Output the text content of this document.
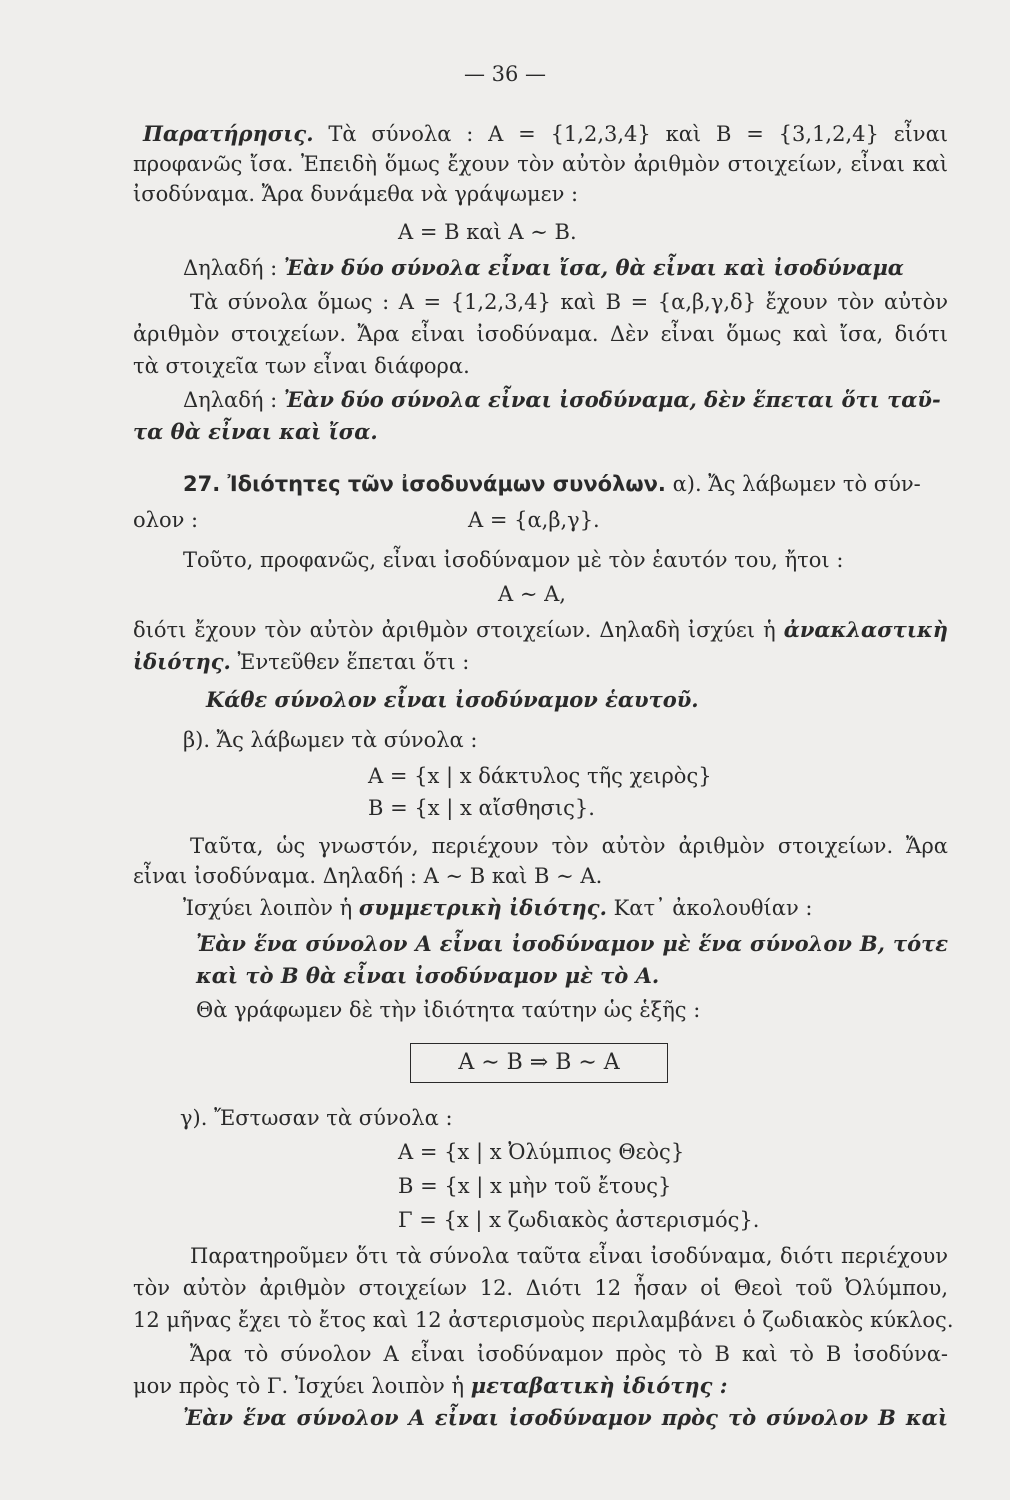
— 36 —
Παρατήρησις. Τὰ σύνολα : Α = {1,2,3,4} καὶ Β = {3,1,2,4} εἶναι
προφανῶς ἴσα. Ἐπειδὴ ὅμως ἔχουν τὸν αὐτὸν ἀριθμὸν στοιχείων, εἶναι καὶ
ἰσοδύναμα. Ἄρα δυνάμεθα νὰ γράψωμεν :
Α = Β καὶ Α ∼ Β.
Δηλαδή : Ἐὰν δύο σύνολα εἶναι ἴσα, θὰ εἶναι καὶ ἰσοδύναμα
Τὰ σύνολα ὅμως : Α = {1,2,3,4} καὶ Β = {α,β,γ,δ} ἔχουν τὸν αὐτὸν
ἀριθμὸν στοιχείων. Ἄρα εἶναι ἰσοδύναμα. Δὲν εἶναι ὅμως καὶ ἴσα, διότι
τὰ στοιχεῖα των εἶναι διάφορα.
Δηλαδή : Ἐὰν δύο σύνολα εἶναι ἰσοδύναμα, δὲν ἕπεται ὅτι ταῦ-
τα θὰ εἶναι καὶ ἴσα.
27. Ἰδιότητες τῶν ἰσοδυνάμων συνόλων. α). Ἄς λάβωμεν τὸ σύν-
ολον :	Α = {α,β,γ}.
Τοῦτο, προφανῶς, εἶναι ἰσοδύναμον μὲ τὸν ἑαυτόν του, ἤτοι :
Α ∼ Α,
διότι ἔχουν τὸν αὐτὸν ἀριθμὸν στοιχείων. Δηλαδὴ ἰσχύει ἡ ἀνακλαστικὴ
ἰδιότης. Ἐντεῦθεν ἕπεται ὅτι :
Κάθε σύνολον εἶναι ἰσοδύναμον ἑαυτοῦ.
β). Ἄς λάβωμεν τὰ σύνολα :
Α = {x | x δάκτυλος τῆς χειρὸς}
Β = {x | x αἴσθησις}.
Ταῦτα, ὡς γνωστόν, περιέχουν τὸν αὐτὸν ἀριθμὸν στοιχείων. Ἄρα
εἶναι ἰσοδύναμα. Δηλαδή : Α ∼ Β καὶ Β ∼ Α.
Ἰσχύει λοιπὸν ἡ συμμετρικὴ ἰδιότης. Κατ᾿ ἀκολουθίαν :
Ἐὰν ἕνα σύνολον Α εἶναι ἰσοδύναμον μὲ ἕνα σύνολον Β, τότε
καὶ τὸ Β θὰ εἶναι ἰσοδύναμον μὲ τὸ Α.
Θὰ γράφωμεν δὲ τὴν ἰδιότητα ταύτην ὡς ἑξῆς :
Α ∼ Β ⇒ Β ∼ Α
γ). Ἔστωσαν τὰ σύνολα :
Α = {x | x Ὀλύμπιος Θεὸς}
Β = {x | x μὴν τοῦ ἔτους}
Γ = {x | x ζωδιακὸς ἀστερισμός}.
Παρατηροῦμεν ὅτι τὰ σύνολα ταῦτα εἶναι ἰσοδύναμα, διότι περιέχουν
τὸν αὐτὸν ἀριθμὸν στοιχείων 12. Διότι 12 ἦσαν οἱ Θεοὶ τοῦ Ὀλύμπου,
12 μῆνας ἔχει τὸ ἔτος καὶ 12 ἀστερισμοὺς περιλαμβάνει ὁ ζωδιακὸς κύκλος.
Ἄρα τὸ σύνολον Α εἶναι ἰσοδύναμον πρὸς τὸ Β καὶ τὸ Β ἰσοδύνα-
μον πρὸς τὸ Γ. Ἰσχύει λοιπὸν ἡ μεταβατικὴ ἰδιότης :
Ἐὰν ἕνα σύνολον Α εἶναι ἰσοδύναμον πρὸς τὸ σύνολον Β καὶ
